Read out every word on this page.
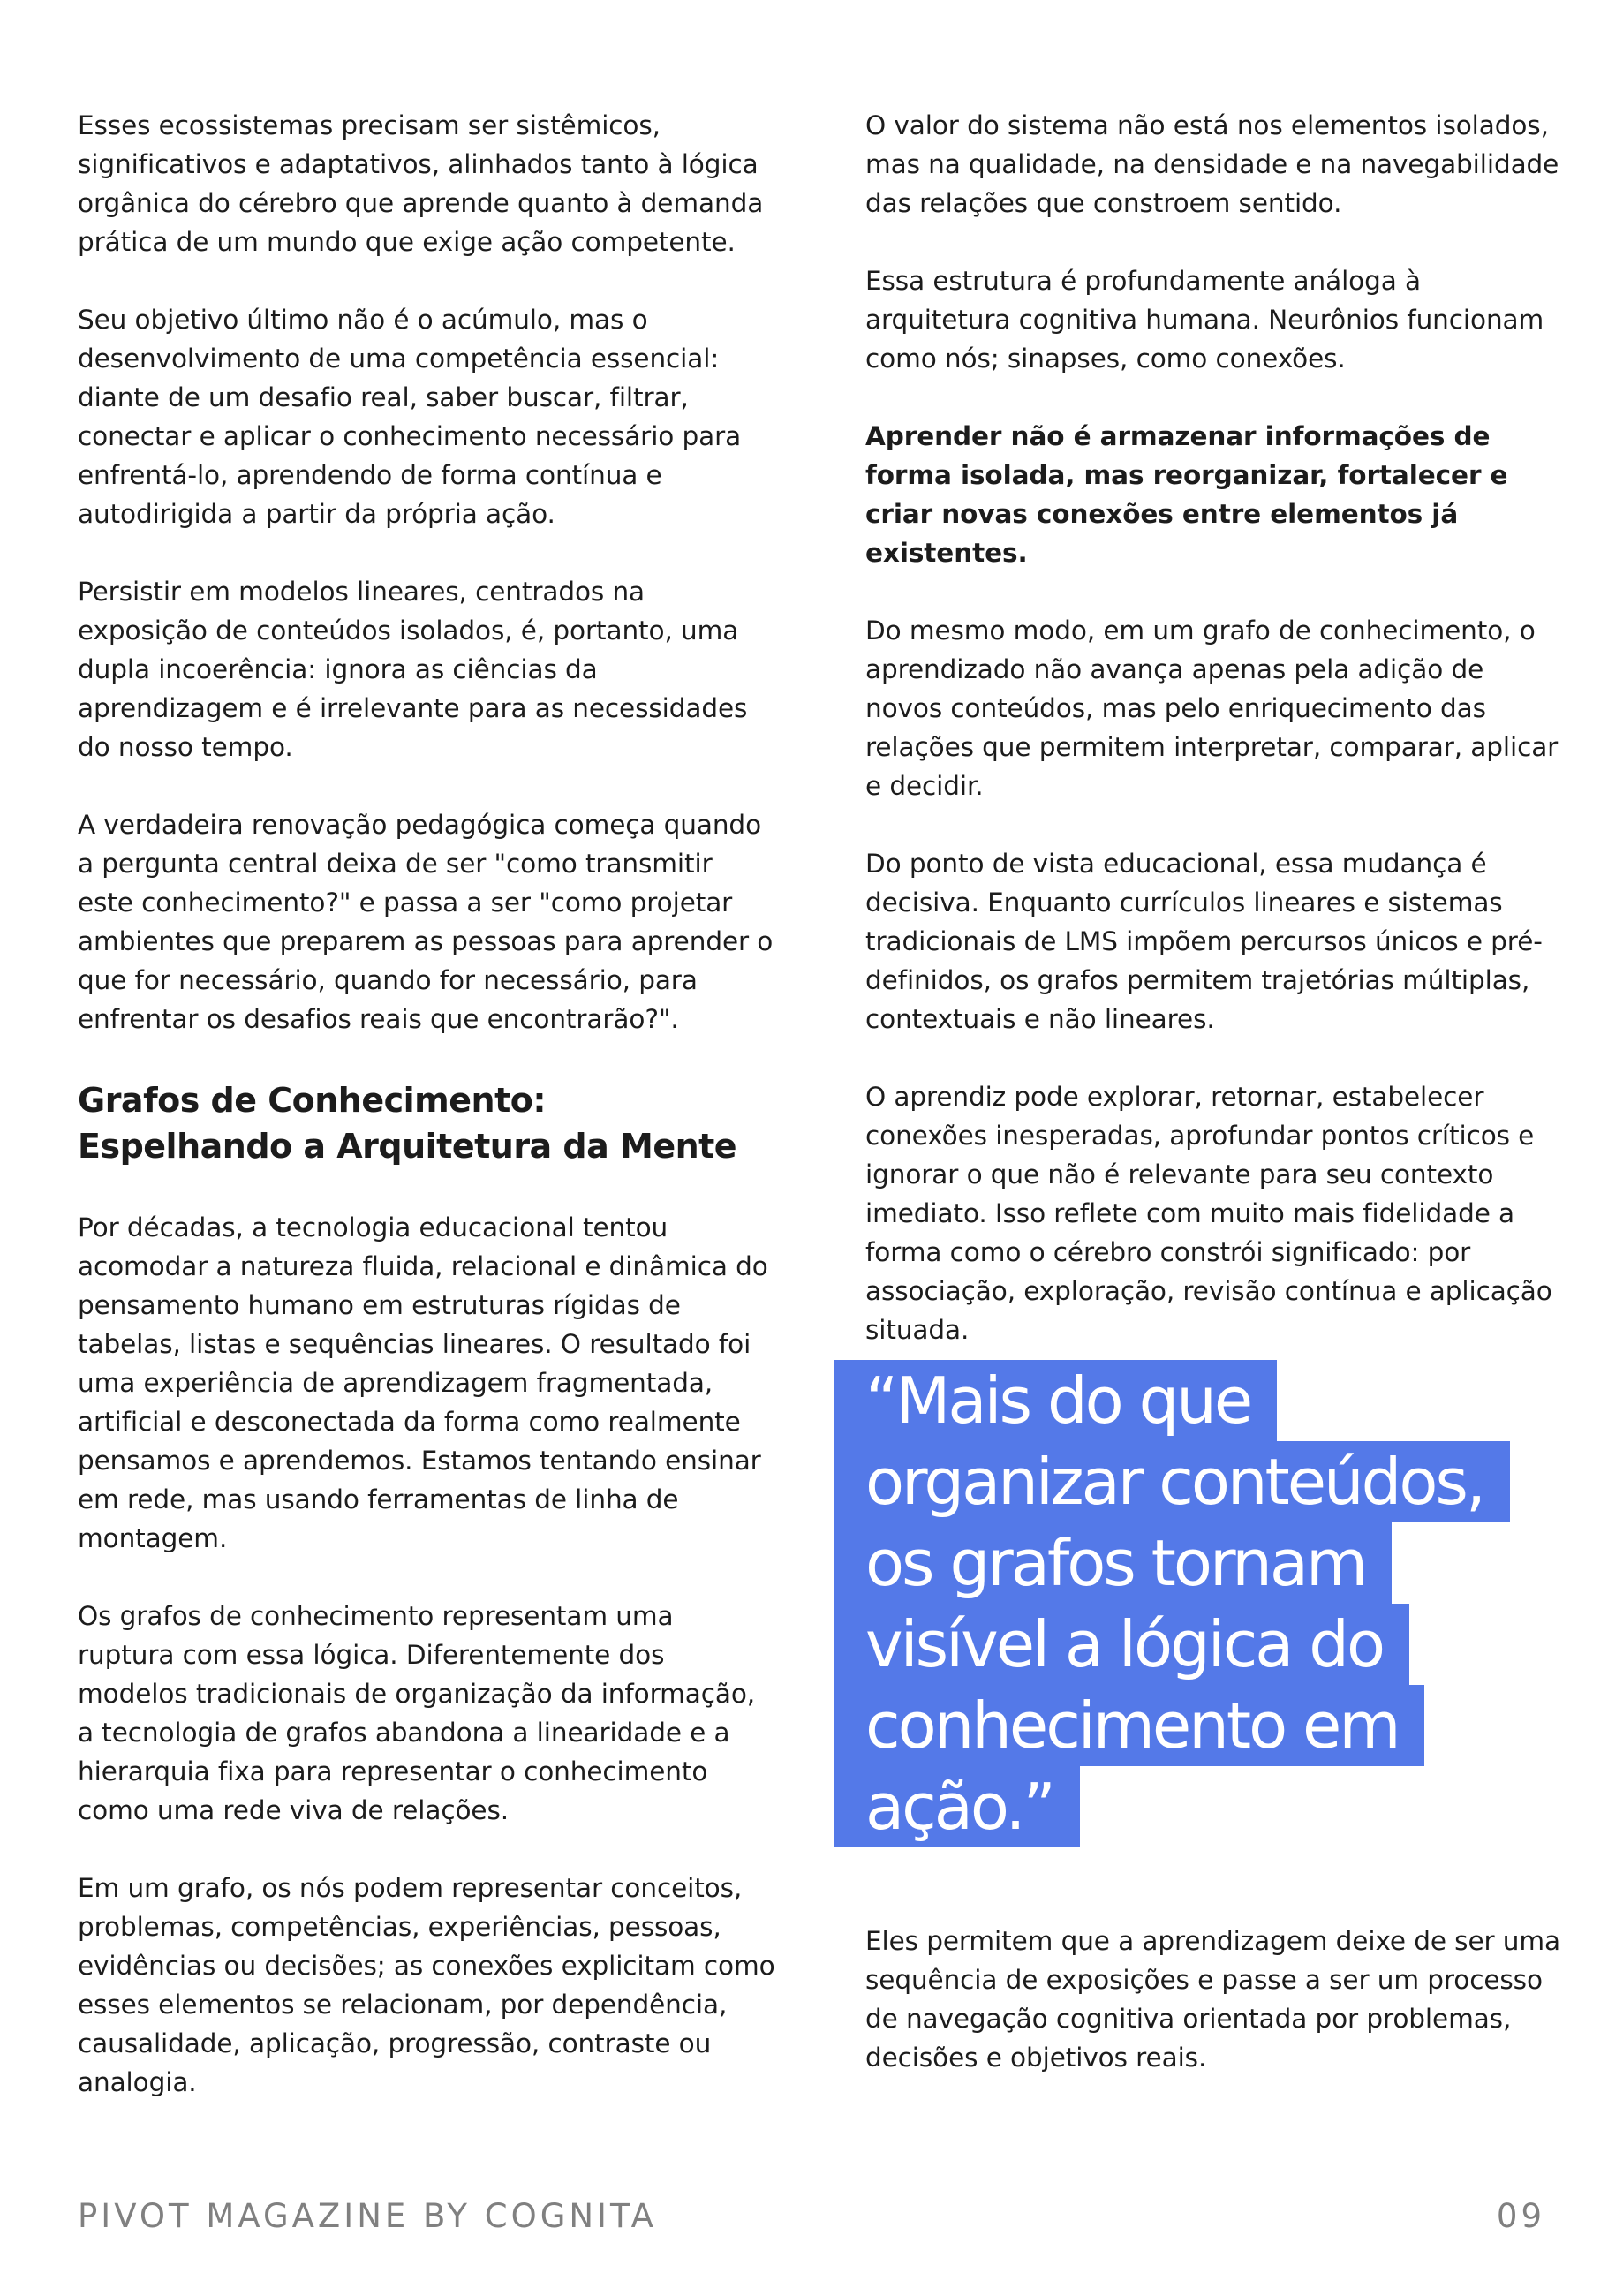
Esses ecossistemas precisam ser sistêmicos, significativos e adaptativos, alinhados tanto à lógica orgânica do cérebro que aprende quanto à demanda prática de um mundo que exige ação competente.

Seu objetivo último não é o acúmulo, mas o desenvolvimento de uma competência essencial: diante de um desafio real, saber buscar, filtrar, conectar e aplicar o conhecimento necessário para enfrentá-lo, aprendendo de forma contínua e autodirigida a partir da própria ação.

Persistir em modelos lineares, centrados na exposição de conteúdos isolados, é, portanto, uma dupla incoerência: ignora as ciências da aprendizagem e é irrelevante para as necessidades do nosso tempo.

A verdadeira renovação pedagógica começa quando a pergunta central deixa de ser "como transmitir este conhecimento?" e passa a ser "como projetar ambientes que preparem as pessoas para aprender o que for necessário, quando for necessário, para enfrentar os desafios reais que encontrarão?".

Grafos de Conhecimento:
Espelhando a Arquitetura da Mente

Por décadas, a tecnologia educacional tentou acomodar a natureza fluida, relacional e dinâmica do pensamento humano em estruturas rígidas de tabelas, listas e sequências lineares. O resultado foi uma experiência de aprendizagem fragmentada, artificial e desconectada da forma como realmente pensamos e aprendemos. Estamos tentando ensinar em rede, mas usando ferramentas de linha de montagem.

Os grafos de conhecimento representam uma ruptura com essa lógica. Diferentemente dos modelos tradicionais de organização da informação, a tecnologia de grafos abandona a linearidade e a hierarquia fixa para representar o conhecimento como uma rede viva de relações.

Em um grafo, os nós podem representar conceitos, problemas, competências, experiências, pessoas, evidências ou decisões; as conexões explicitam como esses elementos se relacionam, por dependência, causalidade, aplicação, progressão, contraste ou analogia.

O valor do sistema não está nos elementos isolados, mas na qualidade, na densidade e na navegabilidade das relações que constroem sentido.

Essa estrutura é profundamente análoga à arquitetura cognitiva humana. Neurônios funcionam como nós; sinapses, como conexões.

Aprender não é armazenar informações de forma isolada, mas reorganizar, fortalecer e criar novas conexões entre elementos já existentes.

Do mesmo modo, em um grafo de conhecimento, o aprendizado não avança apenas pela adição de novos conteúdos, mas pelo enriquecimento das relações que permitem interpretar, comparar, aplicar e decidir.

Do ponto de vista educacional, essa mudança é decisiva. Enquanto currículos lineares e sistemas tradicionais de LMS impõem percursos únicos e pré-definidos, os grafos permitem trajetórias múltiplas, contextuais e não lineares.

O aprendiz pode explorar, retornar, estabelecer conexões inesperadas, aprofundar pontos críticos e ignorar o que não é relevante para seu contexto imediato. Isso reflete com muito mais fidelidade a forma como o cérebro constrói significado: por associação, exploração, revisão contínua e aplicação situada.

“Mais do que
organizar conteúdos,
os grafos tornam
visível a lógica do
conhecimento em
ação.”

Eles permitem que a aprendizagem deixe de ser uma sequência de exposições e passe a ser um processo de navegação cognitiva orientada por problemas, decisões e objetivos reais.

PIVOT MAGAZINE BY COGNITA	09
